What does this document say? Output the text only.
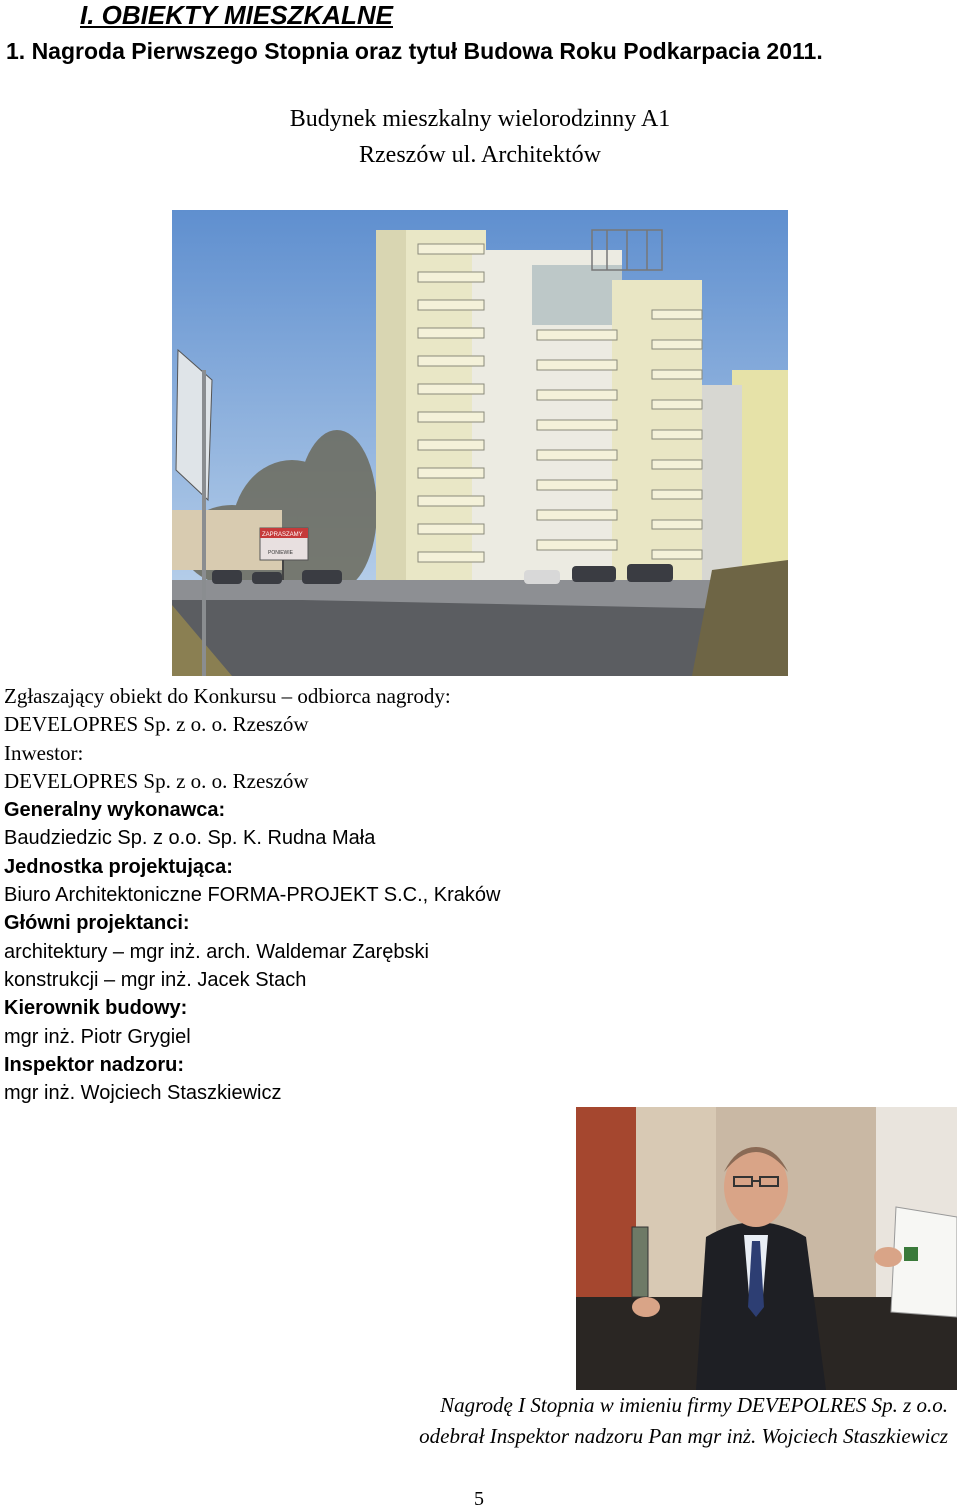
I. OBIEKTY MIESZKALNE
1. Nagroda Pierwszego Stopnia oraz tytuł Budowa Roku Podkarpacia 2011.
Budynek mieszkalny wielorodzinny A1
Rzeszów ul. Architektów
ZAPRASZAMY
PONIEWIE
Zgłaszający obiekt do Konkursu – odbiorca nagrody:
DEVELOPRES Sp. z o. o. Rzeszów
Inwestor:
DEVELOPRES Sp. z o. o. Rzeszów
Generalny wykonawca:
Baudziedzic Sp. z o.o. Sp. K. Rudna Mała
Jednostka projektująca:
Biuro Architektoniczne FORMA-PROJEKT S.C., Kraków
Główni projektanci:
architektury – mgr inż. arch. Waldemar Zarębski
konstrukcji – mgr inż. Jacek Stach
Kierownik budowy:
mgr inż. Piotr Grygiel
Inspektor nadzoru:
mgr inż. Wojciech Staszkiewicz
Nagrodę I Stopnia w imieniu firmy DEVEPOLRES Sp. z o.o.
odebrał Inspektor nadzoru Pan mgr inż. Wojciech Staszkiewicz
5
